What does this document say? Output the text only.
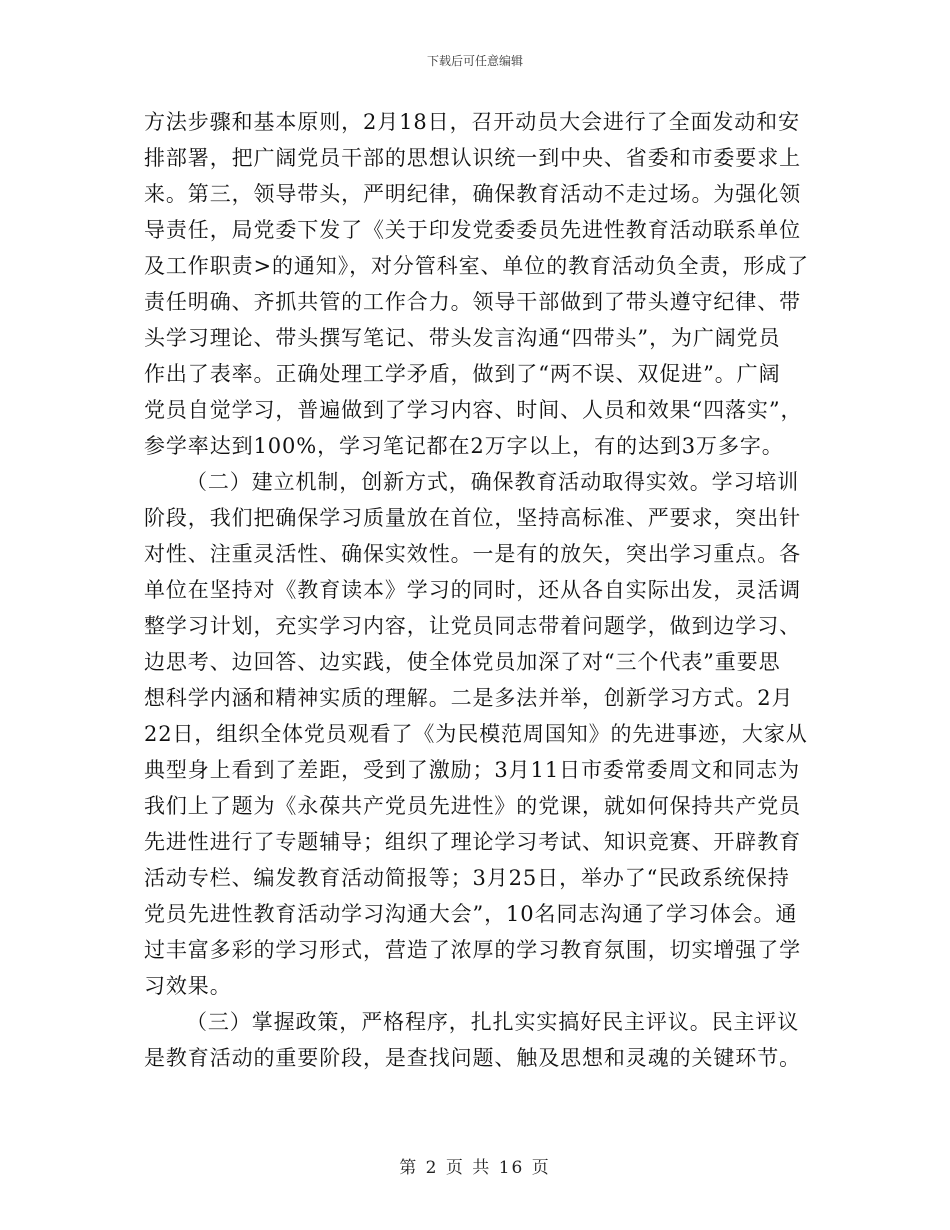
下载后可任意编辑
方法步骤和基本原则，2月18日，召开动员大会进行了全面发动和安
排部署，把广阔党员干部的思想认识统一到中央、省委和市委要求上
来。第三，领导带头，严明纪律，确保教育活动不走过场。为强化领
导责任，局党委下发了《关于印发党委委员先进性教育活动联系单位
及工作职责>的通知》，对分管科室、单位的教育活动负全责，形成了
责任明确、齐抓共管的工作合力。领导干部做到了带头遵守纪律、带
头学习理论、带头撰写笔记、带头发言沟通“四带头”，为广阔党员
作出了表率。正确处理工学矛盾，做到了“两不误、双促进”。广阔
党员自觉学习，普遍做到了学习内容、时间、人员和效果“四落实”，
参学率达到100%，学习笔记都在2万字以上，有的达到3万多字。
（二）建立机制，创新方式，确保教育活动取得实效。学习培训
阶段，我们把确保学习质量放在首位，坚持高标准、严要求，突出针
对性、注重灵活性、确保实效性。一是有的放矢，突出学习重点。各
单位在坚持对《教育读本》学习的同时，还从各自实际出发，灵活调
整学习计划，充实学习内容，让党员同志带着问题学，做到边学习、
边思考、边回答、边实践，使全体党员加深了对“三个代表”重要思
想科学内涵和精神实质的理解。二是多法并举，创新学习方式。2月
22日，组织全体党员观看了《为民模范周国知》的先进事迹，大家从
典型身上看到了差距，受到了激励；3月11日市委常委周文和同志为
我们上了题为《永葆共产党员先进性》的党课，就如何保持共产党员
先进性进行了专题辅导；组织了理论学习考试、知识竞赛、开辟教育
活动专栏、编发教育活动简报等；3月25日，举办了“民政系统保持
党员先进性教育活动学习沟通大会”，10名同志沟通了学习体会。通
过丰富多彩的学习形式，营造了浓厚的学习教育氛围，切实增强了学
习效果。
（三）掌握政策，严格程序，扎扎实实搞好民主评议。民主评议
是教育活动的重要阶段，是查找问题、触及思想和灵魂的关键环节。
第 2 页 共 16 页
